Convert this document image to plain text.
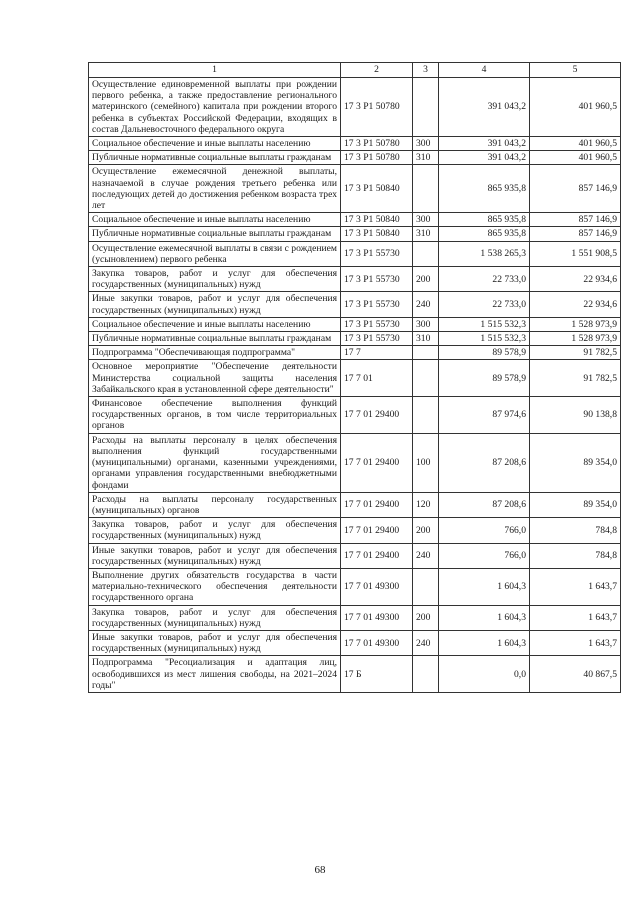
1	2	3	4	5
Осуществление единовременной выплаты при рождении первого ребенка, а также предоставление регионального материнского (семейного) капитала при рождении второго ребенка в субъектах Российской Федерации, входящих в состав Дальневосточного федерального округа	17 3 P1 50780		391 043,2	401 960,5
Социальное обеспечение и иные выплаты населению	17 3 P1 50780	300	391 043,2	401 960,5
Публичные нормативные социальные выплаты гражданам	17 3 P1 50780	310	391 043,2	401 960,5
Осуществление ежемесячной денежной выплаты, назначаемой в случае рождения третьего ребенка или последующих детей до достижения ребенком возраста трех лет	17 3 P1 50840		865 935,8	857 146,9
Социальное обеспечение и иные выплаты населению	17 3 P1 50840	300	865 935,8	857 146,9
Публичные нормативные социальные выплаты гражданам	17 3 P1 50840	310	865 935,8	857 146,9
Осуществление ежемесячной выплаты в связи с рождением (усыновлением) первого ребенка	17 3 P1 55730		1 538 265,3	1 551 908,5
Закупка товаров, работ и услуг для обеспечения государственных (муниципальных) нужд	17 3 P1 55730	200	22 733,0	22 934,6
Иные закупки товаров, работ и услуг для обеспечения государственных (муниципальных) нужд	17 3 P1 55730	240	22 733,0	22 934,6
Социальное обеспечение и иные выплаты населению	17 3 P1 55730	300	1 515 532,3	1 528 973,9
Публичные нормативные социальные выплаты гражданам	17 3 P1 55730	310	1 515 532,3	1 528 973,9
Подпрограмма "Обеспечивающая подпрограмма"	17 7		89 578,9	91 782,5
Основное мероприятие "Обеспечение деятельности Министерства социальной защиты населения Забайкальского края в установленной сфере деятельности"	17 7 01		89 578,9	91 782,5
Финансовое обеспечение выполнения функций государственных органов, в том числе территориальных органов	17 7 01 29400		87 974,6	90 138,8
Расходы на выплаты персоналу в целях обеспечения выполнения функций государственными (муниципальными) органами, казенными учреждениями, органами управления государственными внебюджетными фондами	17 7 01 29400	100	87 208,6	89 354,0
Расходы на выплаты персоналу государственных (муниципальных) органов	17 7 01 29400	120	87 208,6	89 354,0
Закупка товаров, работ и услуг для обеспечения государственных (муниципальных) нужд	17 7 01 29400	200	766,0	784,8
Иные закупки товаров, работ и услуг для обеспечения государственных (муниципальных) нужд	17 7 01 29400	240	766,0	784,8
Выполнение других обязательств государства в части материально-технического обеспечения деятельности государственного органа	17 7 01 49300		1 604,3	1 643,7
Закупка товаров, работ и услуг для обеспечения государственных (муниципальных) нужд	17 7 01 49300	200	1 604,3	1 643,7
Иные закупки товаров, работ и услуг для обеспечения государственных (муниципальных) нужд	17 7 01 49300	240	1 604,3	1 643,7
Подпрограмма "Ресоциализация и адаптация лиц, освободившихся из мест лишения свободы, на 2021–2024 годы"	17 Б		0,0	40 867,5
68
